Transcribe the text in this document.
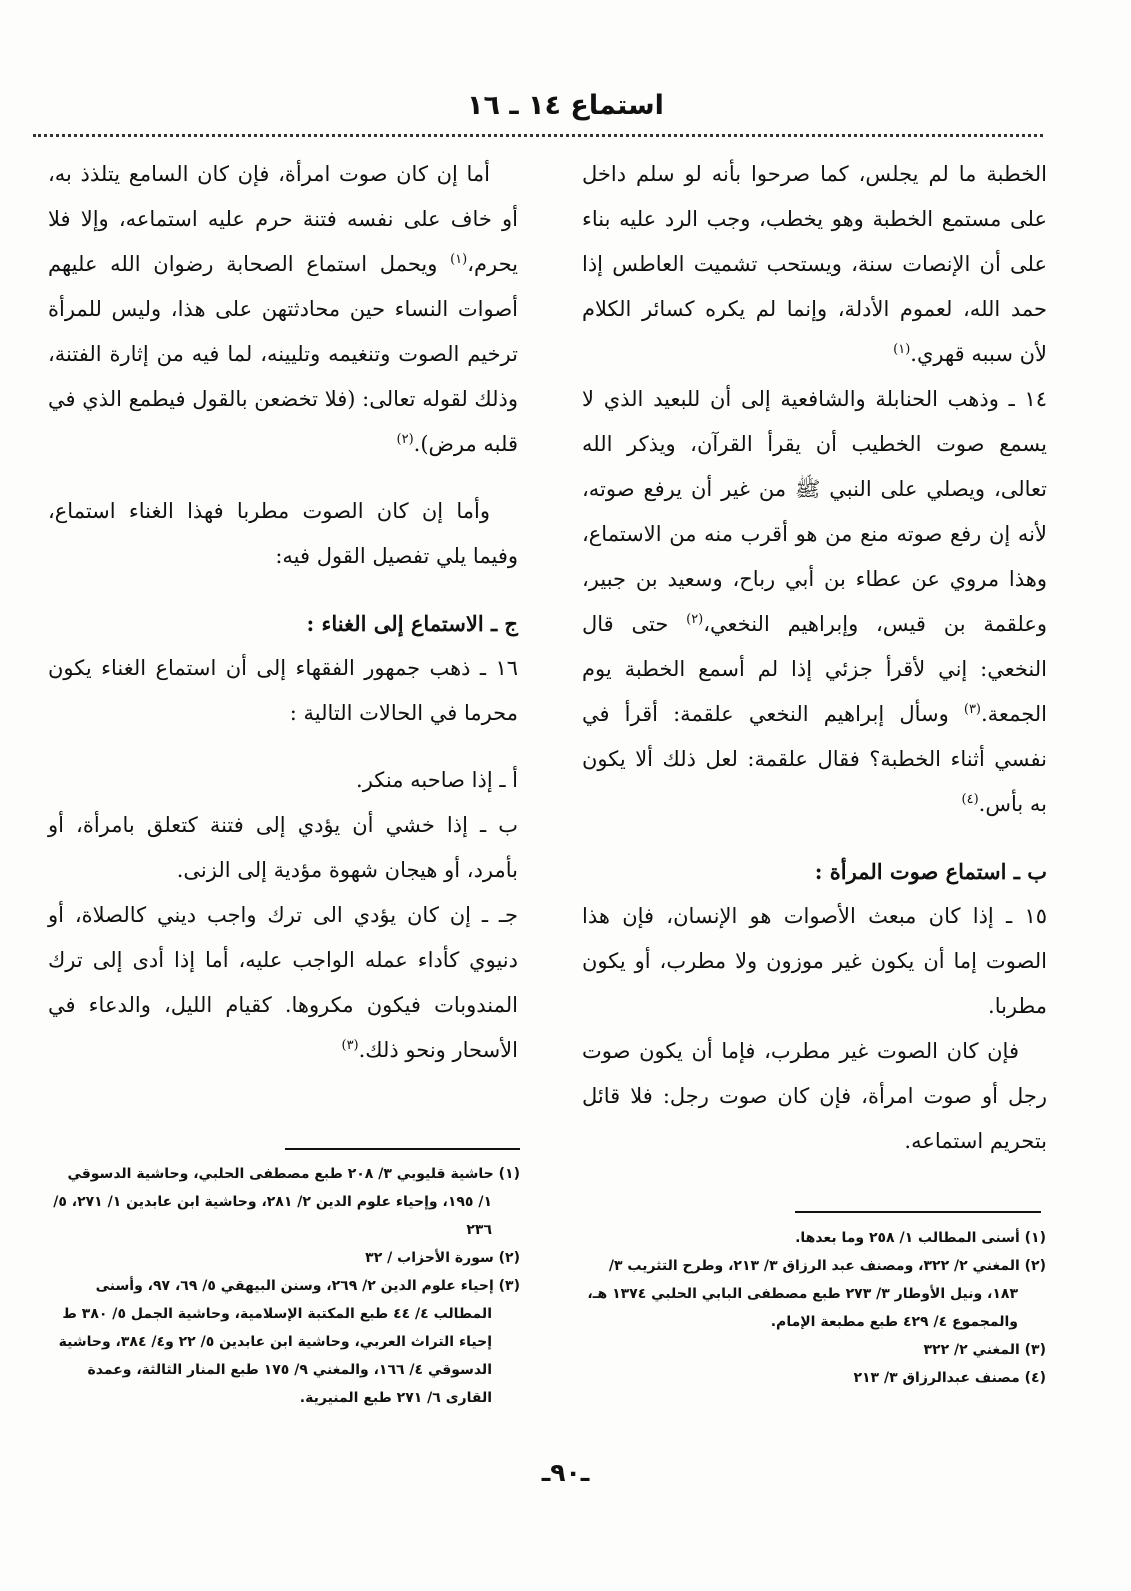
استماع ١٤ ـ ١٦

الخطبة ما لم يجلس، كما صرحوا بأنه لو سلم داخل على مستمع الخطبة وهو يخطب، وجب الرد عليه بناء على أن الإنصات سنة، ويستحب تشميت العاطس إذا حمد الله، لعموم الأدلة، وإنما لم يكره كسائر الكلام لأن سببه قهري.$^{(١)}$

١٤ ـ وذهب الحنابلة والشافعية إلى أن للبعيد الذي لا يسمع صوت الخطيب أن يقرأ القرآن، ويذكر الله تعالى، ويصلي على النبي ﷺ من غير أن يرفع صوته، لأنه إن رفع صوته منع من هو أقرب منه من الاستماع، وهذا مروي عن عطاء بن أبي رباح، وسعيد بن جبير، وعلقمة بن قيس، وإبراهيم النخعي،$^{(٢)}$ حتى قال النخعي: إني لأقرأ جزئي إذا لم أسمع الخطبة يوم الجمعة.$^{(٣)}$ وسأل إبراهيم النخعي علقمة: أقرأ في نفسي أثناء الخطبة؟ فقال علقمة: لعل ذلك ألا يكون به بأس.$^{(٤)}$

ب ـ استماع صوت المرأة :

١٥ ـ إذا كان مبعث الأصوات هو الإنسان، فإن هذا الصوت إما أن يكون غير موزون ولا مطرب، أو يكون مطربا.

فإن كان الصوت غير مطرب، فإما أن يكون صوت رجل أو صوت امرأة، فإن كان صوت رجل: فلا قائل بتحريم استماعه.

أما إن كان صوت امرأة، فإن كان السامع يتلذذ به، أو خاف على نفسه فتنة حرم عليه استماعه، وإلا فلا يحرم،$^{(١)}$ ويحمل استماع الصحابة رضوان الله عليهم أصوات النساء حين محادثتهن على هذا، وليس للمرأة ترخيم الصوت وتنغيمه وتليينه، لما فيه من إثارة الفتنة، وذلك لقوله تعالى: (فلا تخضعن بالقول فيطمع الذي في قلبه مرض).$^{(٢)}$

وأما إن كان الصوت مطربا فهذا الغناء استماع، وفيما يلي تفصيل القول فيه:

ج ـ الاستماع إلى الغناء :

١٦ ـ ذهب جمهور الفقهاء إلى أن استماع الغناء يكون محرما في الحالات التالية :

أ ـ إذا صاحبه منكر.

ب ـ إذا خشي أن يؤدي إلى فتنة كتعلق بامرأة، أو بأمرد، أو هيجان شهوة مؤدية إلى الزنى.

جـ ـ إن كان يؤدي الى ترك واجب ديني كالصلاة، أو دنيوي كأداء عمله الواجب عليه، أما إذا أدى إلى ترك المندوبات فيكون مكروها. كقيام الليل، والدعاء في الأسحار ونحو ذلك.$^{(٣)}$

(١) أسنى المطالب ١/ ٢٥٨ وما بعدها.

(٢) المغني ٢/ ٣٢٢، ومصنف عبد الرزاق ٣/ ٢١٣، وطرح التثريب ٣/ ١٨٣، ونيل الأوطار ٣/ ٢٧٣ طبع مصطفى البابي الحلبي ١٣٧٤ هـ، والمجموع ٤/ ٤٢٩ طبع مطبعة الإمام.

(٣) المغني ٢/ ٣٢٢

(٤) مصنف عبدالرزاق ٣/ ٢١٣

(١) حاشية قليوبي ٣/ ٢٠٨ طبع مصطفى الحلبي، وحاشية الدسوقي ١/ ١٩٥، وإحياء علوم الدين ٢/ ٢٨١، وحاشية ابن عابدين ١/ ٢٧١، ٥/ ٢٣٦

(٢) سورة الأحزاب / ٣٢

(٣) إحياء علوم الدين ٢/ ٢٦٩، وسنن البيهقي ٥/ ٦٩، ٩٧، وأسنى المطالب ٤/ ٤٤ طبع المكتبة الإسلامية، وحاشية الجمل ٥/ ٣٨٠ ط إحياء التراث العربي، وحاشية ابن عابدين ٥/ ٢٢ و٤/ ٣٨٤، وحاشية الدسوقي ٤/ ١٦٦، والمغني ٩/ ١٧٥ طبع المنار الثالثة، وعمدة القارى ٦/ ٢٧١ طبع المنيرية.

ـ٩٠ـ
